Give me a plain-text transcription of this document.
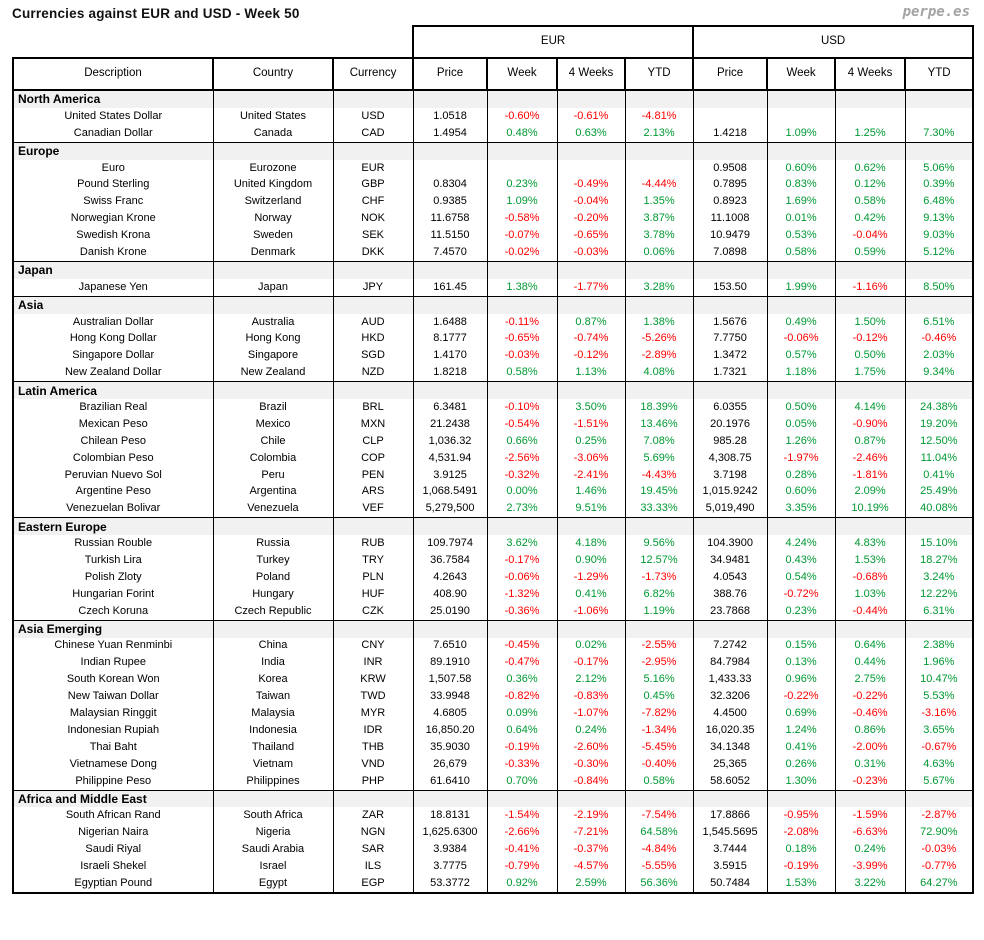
Currencies against EUR and USD - Week 50	perpe.es
			EUR				USD			
Description	Country	Currency	Price	Week	4 Weeks	YTD	Price	Week	4 Weeks	YTD
North America										
United States Dollar	United States	USD	1.0518	-0.60%	-0.61%	-4.81%				
Canadian Dollar	Canada	CAD	1.4954	0.48%	0.63%	2.13%	1.4218	1.09%	1.25%	7.30%
Europe										
Euro	Eurozone	EUR					0.9508	0.60%	0.62%	5.06%
Pound Sterling	United Kingdom	GBP	0.8304	0.23%	-0.49%	-4.44%	0.7895	0.83%	0.12%	0.39%
Swiss Franc	Switzerland	CHF	0.9385	1.09%	-0.04%	1.35%	0.8923	1.69%	0.58%	6.48%
Norwegian Krone	Norway	NOK	11.6758	-0.58%	-0.20%	3.87%	11.1008	0.01%	0.42%	9.13%
Swedish Krona	Sweden	SEK	11.5150	-0.07%	-0.65%	3.78%	10.9479	0.53%	-0.04%	9.03%
Danish Krone	Denmark	DKK	7.4570	-0.02%	-0.03%	0.06%	7.0898	0.58%	0.59%	5.12%
Japan										
Japanese Yen	Japan	JPY	161.45	1.38%	-1.77%	3.28%	153.50	1.99%	-1.16%	8.50%
Asia										
Australian Dollar	Australia	AUD	1.6488	-0.11%	0.87%	1.38%	1.5676	0.49%	1.50%	6.51%
Hong Kong Dollar	Hong Kong	HKD	8.1777	-0.65%	-0.74%	-5.26%	7.7750	-0.06%	-0.12%	-0.46%
Singapore Dollar	Singapore	SGD	1.4170	-0.03%	-0.12%	-2.89%	1.3472	0.57%	0.50%	2.03%
New Zealand Dollar	New Zealand	NZD	1.8218	0.58%	1.13%	4.08%	1.7321	1.18%	1.75%	9.34%
Latin America										
Brazilian Real	Brazil	BRL	6.3481	-0.10%	3.50%	18.39%	6.0355	0.50%	4.14%	24.38%
Mexican Peso	Mexico	MXN	21.2438	-0.54%	-1.51%	13.46%	20.1976	0.05%	-0.90%	19.20%
Chilean Peso	Chile	CLP	1,036.32	0.66%	0.25%	7.08%	985.28	1.26%	0.87%	12.50%
Colombian Peso	Colombia	COP	4,531.94	-2.56%	-3.06%	5.69%	4,308.75	-1.97%	-2.46%	11.04%
Peruvian Nuevo Sol	Peru	PEN	3.9125	-0.32%	-2.41%	-4.43%	3.7198	0.28%	-1.81%	0.41%
Argentine Peso	Argentina	ARS	1,068.5491	0.00%	1.46%	19.45%	1,015.9242	0.60%	2.09%	25.49%
Venezuelan Bolivar	Venezuela	VEF	5,279,500	2.73%	9.51%	33.33%	5,019,490	3.35%	10.19%	40.08%
Eastern Europe										
Russian Rouble	Russia	RUB	109.7974	3.62%	4.18%	9.56%	104.3900	4.24%	4.83%	15.10%
Turkish Lira	Turkey	TRY	36.7584	-0.17%	0.90%	12.57%	34.9481	0.43%	1.53%	18.27%
Polish Zloty	Poland	PLN	4.2643	-0.06%	-1.29%	-1.73%	4.0543	0.54%	-0.68%	3.24%
Hungarian Forint	Hungary	HUF	408.90	-1.32%	0.41%	6.82%	388.76	-0.72%	1.03%	12.22%
Czech Koruna	Czech Republic	CZK	25.0190	-0.36%	-1.06%	1.19%	23.7868	0.23%	-0.44%	6.31%
Asia Emerging										
Chinese Yuan Renminbi	China	CNY	7.6510	-0.45%	0.02%	-2.55%	7.2742	0.15%	0.64%	2.38%
Indian Rupee	India	INR	89.1910	-0.47%	-0.17%	-2.95%	84.7984	0.13%	0.44%	1.96%
South Korean Won	Korea	KRW	1,507.58	0.36%	2.12%	5.16%	1,433.33	0.96%	2.75%	10.47%
New Taiwan Dollar	Taiwan	TWD	33.9948	-0.82%	-0.83%	0.45%	32.3206	-0.22%	-0.22%	5.53%
Malaysian Ringgit	Malaysia	MYR	4.6805	0.09%	-1.07%	-7.82%	4.4500	0.69%	-0.46%	-3.16%
Indonesian Rupiah	Indonesia	IDR	16,850.20	0.64%	0.24%	-1.34%	16,020.35	1.24%	0.86%	3.65%
Thai Baht	Thailand	THB	35.9030	-0.19%	-2.60%	-5.45%	34.1348	0.41%	-2.00%	-0.67%
Vietnamese Dong	Vietnam	VND	26,679	-0.33%	-0.30%	-0.40%	25,365	0.26%	0.31%	4.63%
Philippine Peso	Philippines	PHP	61.6410	0.70%	-0.84%	0.58%	58.6052	1.30%	-0.23%	5.67%
Africa and Middle East										
South African Rand	South Africa	ZAR	18.8131	-1.54%	-2.19%	-7.54%	17.8866	-0.95%	-1.59%	-2.87%
Nigerian Naira	Nigeria	NGN	1,625.6300	-2.66%	-7.21%	64.58%	1,545.5695	-2.08%	-6.63%	72.90%
Saudi Riyal	Saudi Arabia	SAR	3.9384	-0.41%	-0.37%	-4.84%	3.7444	0.18%	0.24%	-0.03%
Israeli Shekel	Israel	ILS	3.7775	-0.79%	-4.57%	-5.55%	3.5915	-0.19%	-3.99%	-0.77%
Egyptian Pound	Egypt	EGP	53.3772	0.92%	2.59%	56.36%	50.7484	1.53%	3.22%	64.27%
